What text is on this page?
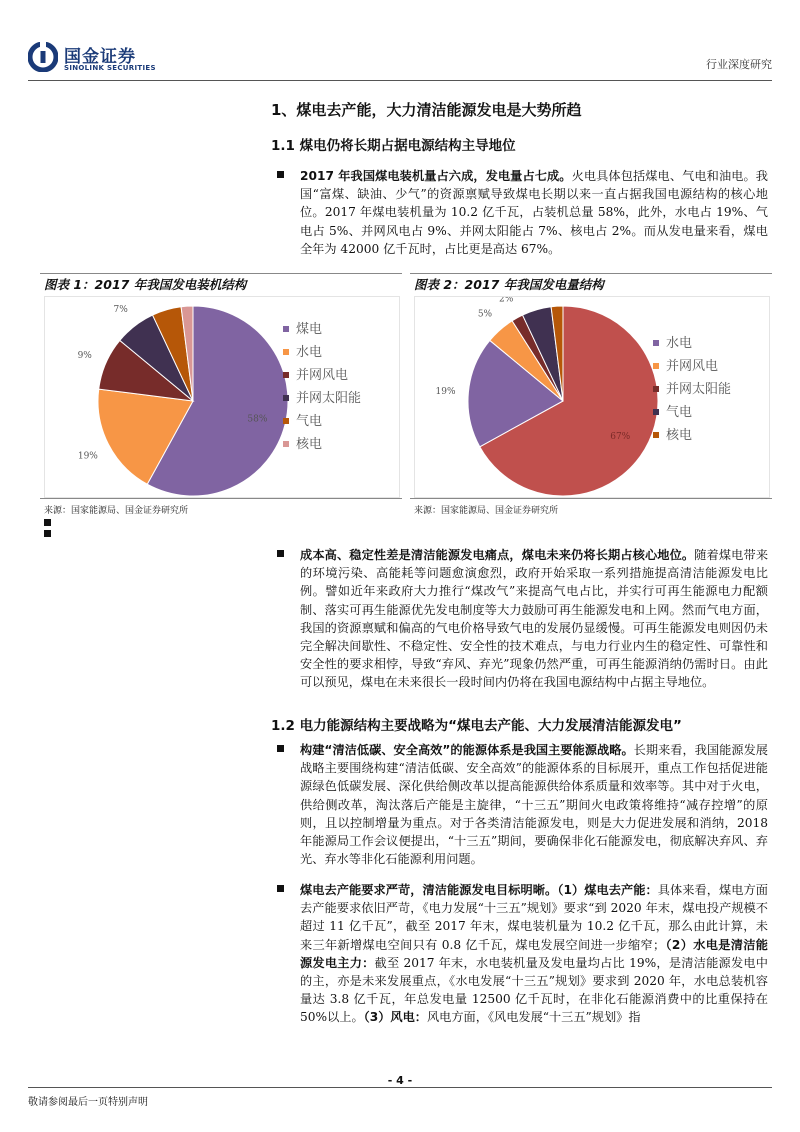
国金证券
SINOLINK SECURITIES	行业深度研究
1、煤电去产能，大力清洁能源发电是大势所趋
1.1 煤电仍将长期占据电源结构主导地位
2017 年我国煤电装机量占六成，发电量占七成。火电具体包括煤电、气电和油电。我国“富煤、缺油、少气”的资源禀赋导致煤电长期以来一直占据我国电源结构的核心地位。2017 年煤电装机量为 10.2 亿千瓦，占装机总量 58%，此外，水电占 19%、气电占 5%、并网风电占 9%、并网太阳能占 7%、核电占 2%。而从发电量来看，煤电全年为 42000 亿千瓦时，占比更是高达 67%。
图表 1：2017 年我国发电装机结构
58%
19%
9%
7%
煤电
水电
并网风电
并网太阳能
气电
核电
来源：国家能源局、国金证券研究所
图表 2：2017 年我国发电量结构
67%
19%
5%
2%
水电
并网风电
并网太阳能
气电
核电
来源：国家能源局、国金证券研究所
成本高、稳定性差是清洁能源发电痛点，煤电未来仍将长期占核心地位。随着煤电带来的环境污染、高能耗等问题愈演愈烈，政府开始采取一系列措施提高清洁能源发电比例。譬如近年来政府大力推行“煤改气”来提高气电占比，并实行可再生能源电力配额制、落实可再生能源优先发电制度等大力鼓励可再生能源发电和上网。然而气电方面，我国的资源禀赋和偏高的气电价格导致气电的发展仍显缓慢。可再生能源发电则因仍未完全解决间歇性、不稳定性、安全性的技术难点，与电力行业内生的稳定性、可靠性和安全性的要求相悖，导致“弃风、弃光”现象仍然严重，可再生能源消纳仍需时日。由此可以预见，煤电在未来很长一段时间内仍将在我国电源结构中占据主导地位。
1.2 电力能源结构主要战略为“煤电去产能、大力发展清洁能源发电”
构建“清洁低碳、安全高效”的能源体系是我国主要能源战略。长期来看，我国能源发展战略主要围绕构建“清洁低碳、安全高效”的能源体系的目标展开，重点工作包括促进能源绿色低碳发展、深化供给侧改革以提高能源供给体系质量和效率等。其中对于火电，供给侧改革，淘汰落后产能是主旋律，“十三五”期间火电政策将维持“减存控增”的原则，且以控制增量为重点。对于各类清洁能源发电，则是大力促进发展和消纳，2018 年能源局工作会议便提出，“十三五”期间，要确保非化石能源发电，彻底解决弃风、弃光、弃水等非化石能源利用问题。
煤电去产能要求严苛，清洁能源发电目标明晰。（1）煤电去产能：具体来看，煤电方面去产能要求依旧严苛，《电力发展“十三五”规划》要求“到 2020 年末，煤电投产规模不超过 11 亿千瓦”，截至 2017 年末，煤电装机量为 10.2 亿千瓦，那么由此计算，未来三年新增煤电空间只有 0.8 亿千瓦，煤电发展空间进一步缩窄；（2）水电是清洁能源发电主力：截至 2017 年末，水电装机量及发电量均占比 19%，是清洁能源发电中的主，亦是未来发展重点，《水电发展“十三五”规划》要求到 2020 年，水电总装机容量达 3.8 亿千瓦，年总发电量 12500 亿千瓦时，在非化石能源消费中的比重保持在 50%以上。（3）风电：风电方面，《风电发展“十三五”规划》指
- 4 -
敬请参阅最后一页特别声明
